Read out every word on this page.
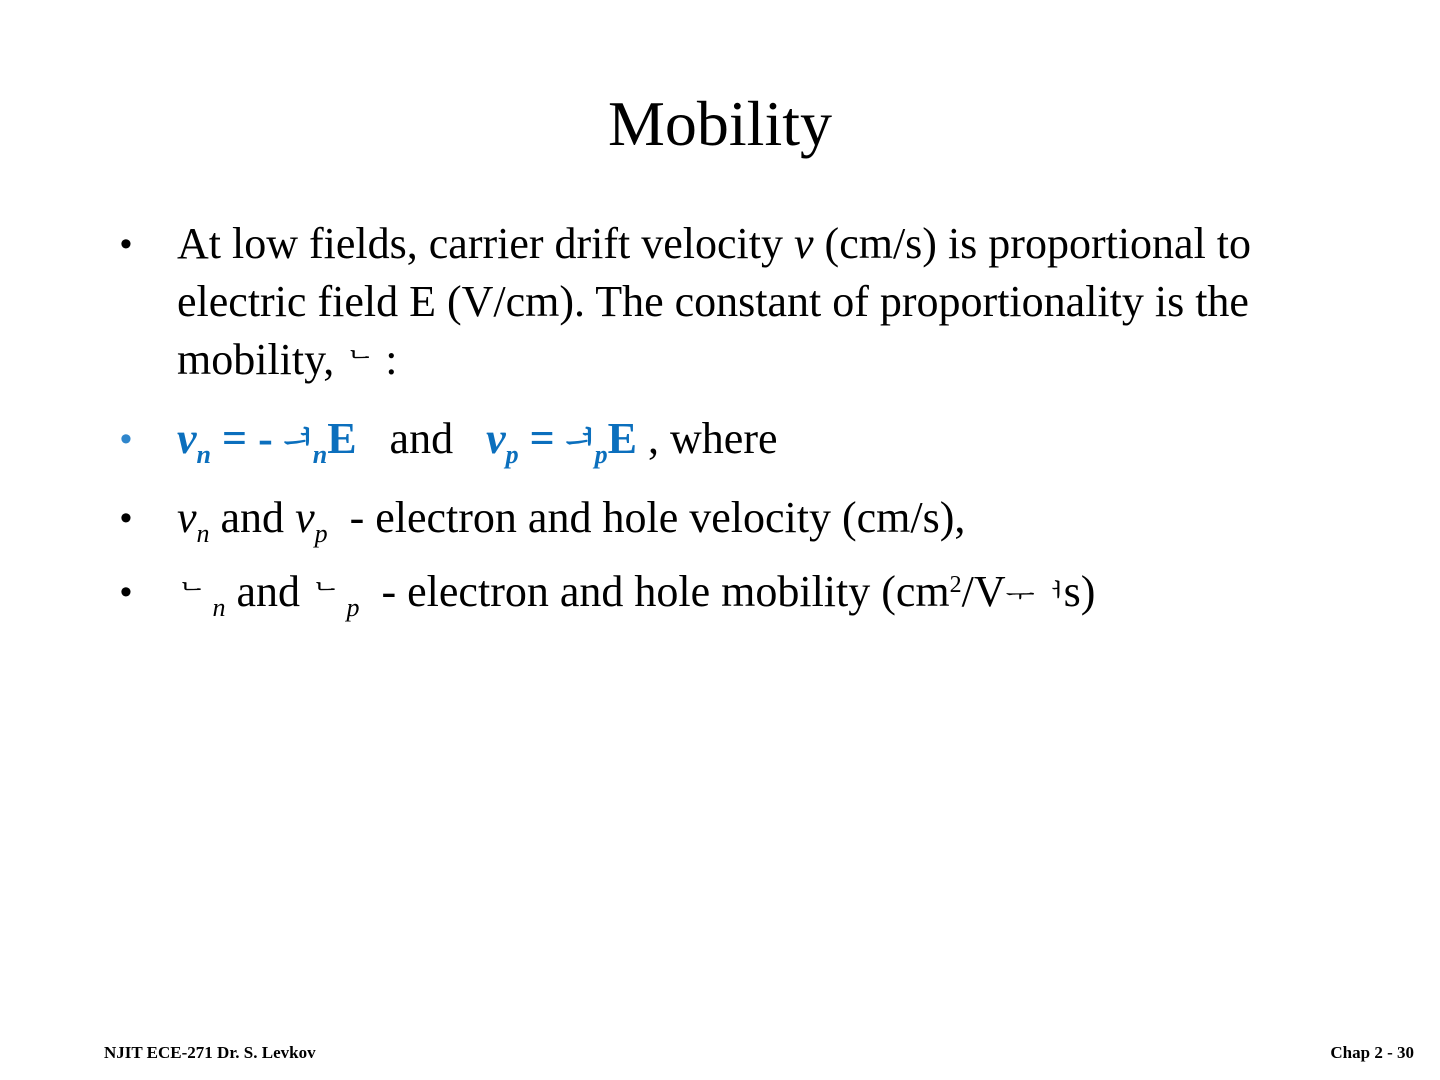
Mobility
• At low fields, carrier drift velocity v (cm/s) is proportional to electric field E (V/cm). The constant of proportionality is the mobility, ᄂ :
• $v_n$ = - ᅳᅥ$_n$E   and   $v_p$ = ᅳᅥ$_p$E , where
• $v_n$ and $v_p$  - electron and hole velocity (cm/s),
• ᄂ $_n$ and ᄂ $_p$  - electron and hole mobility $(cm^2/Vᅮᅥs)$
NJIT ECE-271 Dr. S. Levkov	Chap 2 - 30
